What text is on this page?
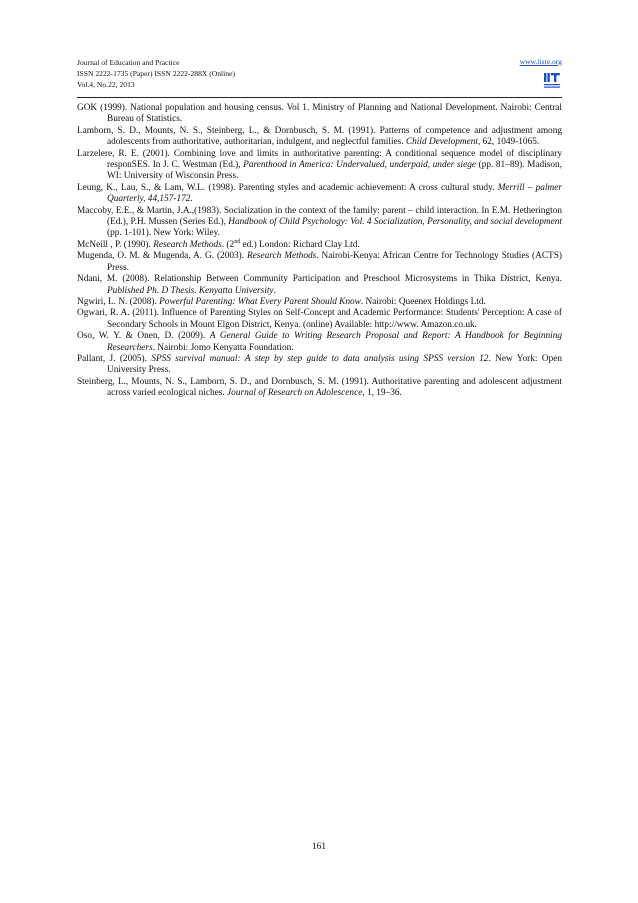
Journal of Education and Practice
ISSN 2222-1735 (Paper) ISSN 2222-288X (Online)
Vol.4, No.22, 2013
www.iiste.org
GOK (1999). National population and housing census. Vol 1. Ministry of Planning and National Development. Nairobi: Central Bureau of Statistics.
Lamborn, S. D., Mounts, N. S., Steinberg, L., & Dornbusch, S. M. (1991). Patterns of competence and adjustment among adolescents from authoritative, authoritarian, indulgent, and neglectful families. Child Development, 62, 1049-1065.
Larzelere, R. E. (2001). Combining love and limits in authoritative parenting: A conditional sequence model of disciplinary responSES. In J. C. Westman (Ed.), Parenthood in America: Undervalued, underpaid, under siege (pp. 81–89). Madison, WI: University of Wisconsin Press.
Leung, K., Lau, S., & Lam, W.L. (1998). Parenting styles and academic achievement: A cross cultural study. Merrill – palmer Quarterly, 44,157-172.
Maccoby, E.E., & Martin, J.A.,(1983). Socialization in the context of the family: parent – child interaction. In E.M. Hetherington (Ed.), P.H. Mussen (Series Ed.), Handbook of Child Psychology: Vol. 4 Socialization, Personality, and social development (pp. 1-101). New York: Wiley.
McNeill , P. (1990). Research Methods. (2nd ed.) London: Richard Clay Ltd.
Mugenda, O. M. & Mugenda, A. G. (2003). Research Methods. Nairobi-Kenya: African Centre for Technology Studies (ACTS) Press.
Ndani, M. (2008). Relationship Between Community Participation and Preschool Microsystems in Thika District, Kenya. Published Ph. D Thesis. Kenyatta University.
Ngwiri, L. N. (2008). Powerful Parenting: What Every Parent Should Know. Nairobi: Queenex Holdings Ltd.
Ogwari, R. A. (2011). Influence of Parenting Styles on Self-Concept and Academic Performance: Students' Perception: A case of Secondary Schools in Mount Elgon District, Kenya. (online) Available: http://www. Amazon.co.uk.
Oso, W. Y. & Onen, D. (2009). A General Guide to Writing Research Proposal and Report: A Handbook for Beginning Researchers. Nairobi: Jomo Kenyatta Foundation.
Pallant, J. (2005). SPSS survival manual: A step by step guide to data analysis using SPSS version 12. New York: Open University Press.
Steinberg, L., Mounts, N. S., Lamborn, S. D., and Dornbusch, S. M. (1991). Authoritative parenting and adolescent adjustment across varied ecological niches. Journal of Research on Adolescence, 1, 19–36.
161
